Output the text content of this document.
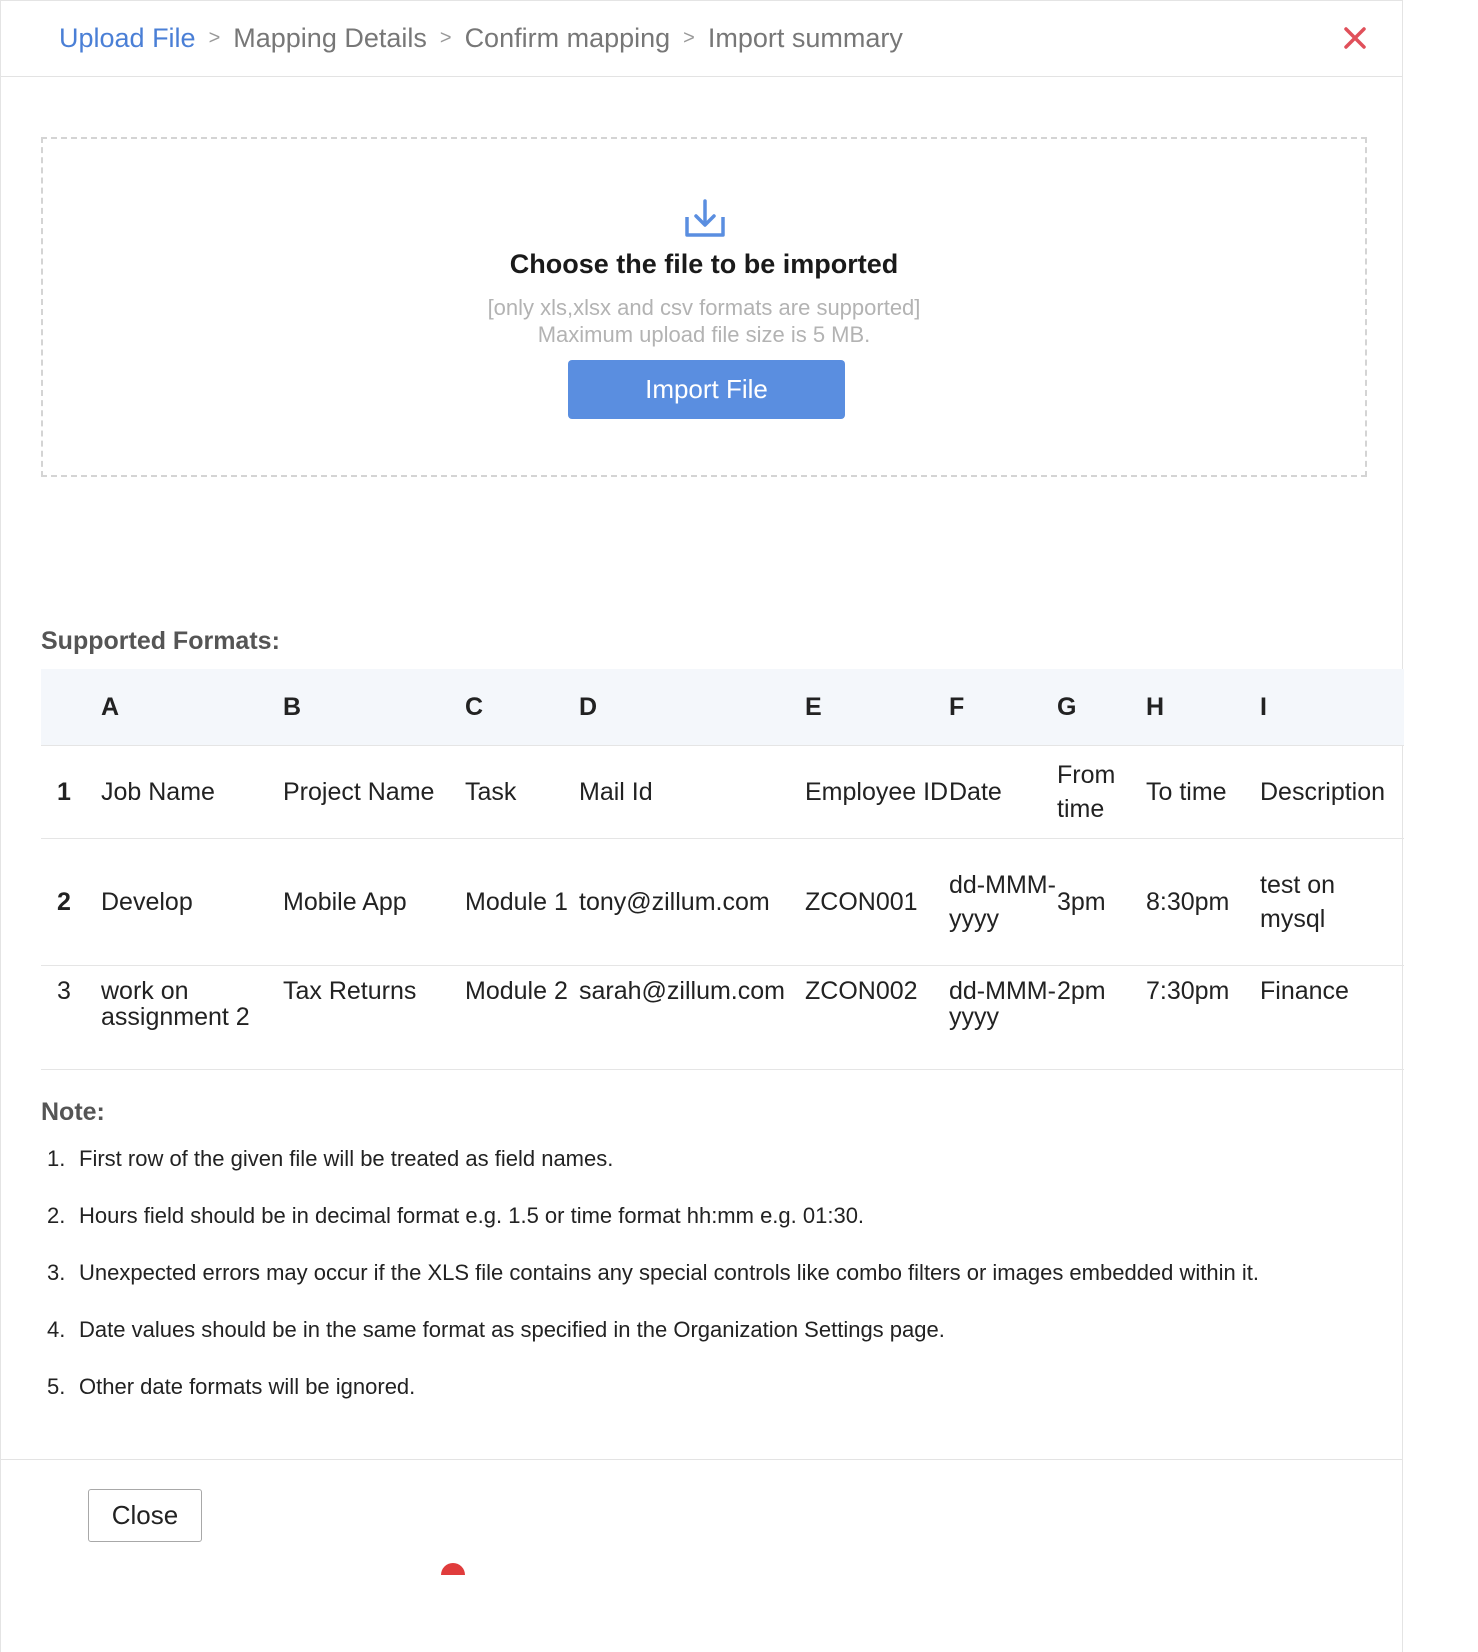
Upload File > Mapping Details > Confirm mapping > Import summary
Choose the file to be imported
[only xls,xlsx and csv formats are supported]
Maximum upload file size is 5 MB.
Import File
Supported Formats:
	A	B	C	D	E	F	G	H	I
1	Job Name	Project Name	Task	Mail Id	Employee ID	Date	From time	To time	Description
2	Develop	Mobile App	Module 1	tony@zillum.com	ZCON001	dd-MMM-yyyy	3pm	8:30pm	test on mysql
3	work on assignment 2	Tax Returns	Module 2	sarah@zillum.com	ZCON002	dd-MMM-yyyy	2pm	7:30pm	Finance
Note:
1. First row of the given file will be treated as field names.
2. Hours field should be in decimal format e.g. 1.5 or time format hh:mm e.g. 01:30.
3. Unexpected errors may occur if the XLS file contains any special controls like combo filters or images embedded within it.
4. Date values should be in the same format as specified in the Organization Settings page.
5. Other date formats will be ignored.
Close
